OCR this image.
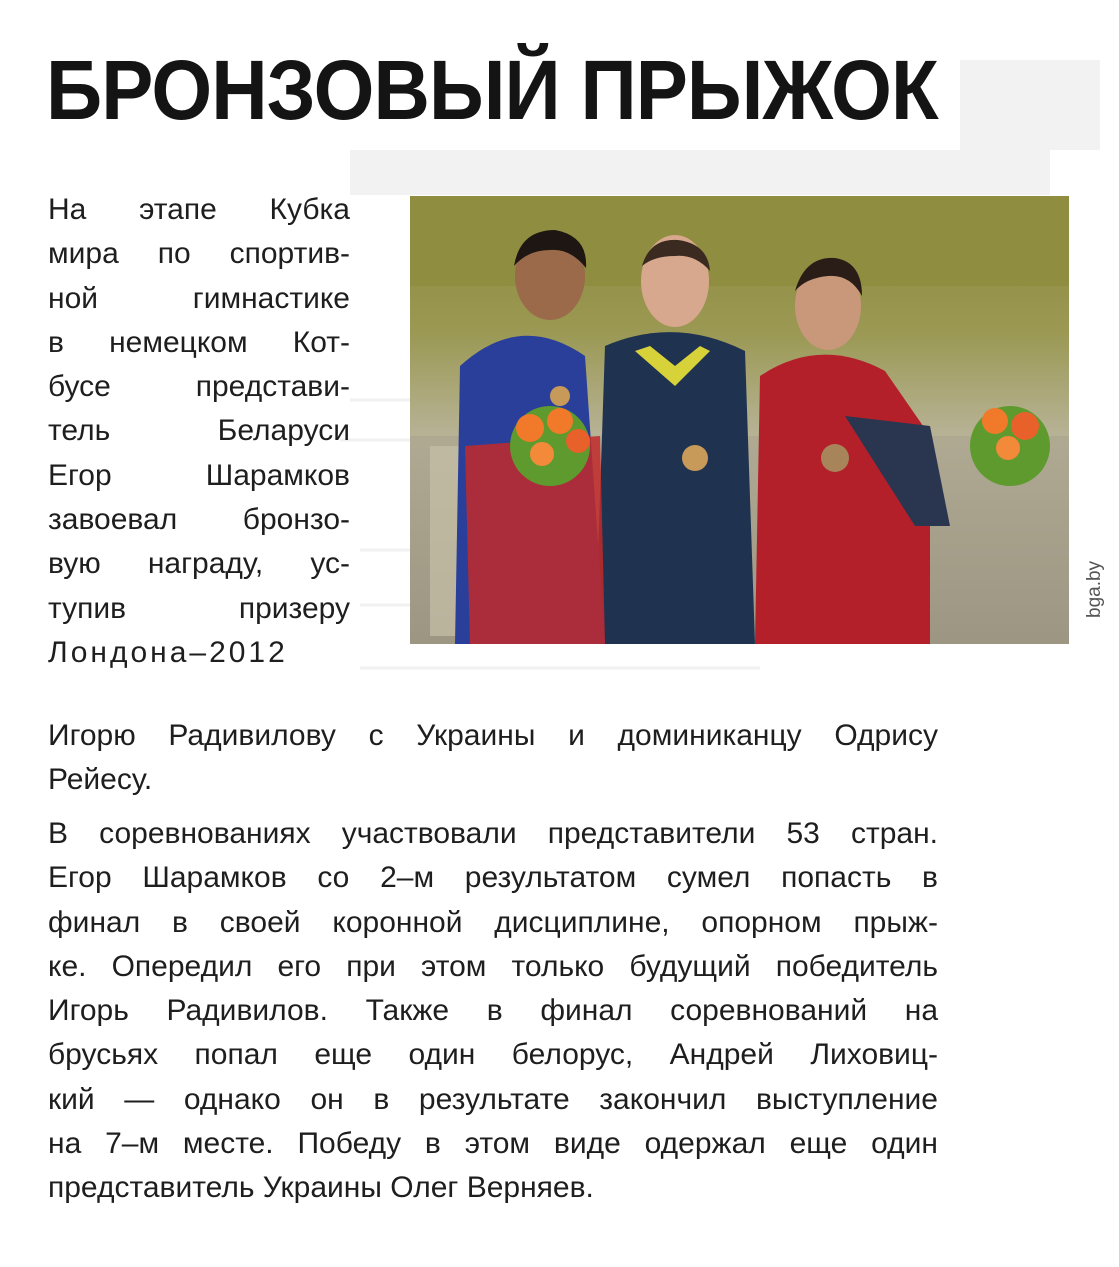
БРОНЗОВЫЙ ПРЫЖОК
На этапе Кубка
мира по спортив-
ной гимнастике
в немецком Кот-
бусе представи-
тель Беларуси
Егор Шарамков
завоевал бронзо-
вую награду, ус-
тупив призеру
Лондона–2012
bga.by
Игорю Радивилову с Украины и доминиканцу Одрису
Рейесу.
В соревнованиях участвовали представители 53 стран.
Егор Шарамков со 2–м результатом сумел попасть в
финал в своей коронной дисциплине, опорном прыж-
ке. Опередил его при этом только будущий победитель
Игорь Радивилов. Также в финал соревнований на
брусьях попал еще один белорус, Андрей Лиховиц-
кий — однако он в результате закончил выступление
на 7–м месте. Победу в этом виде одержал еще один
представитель Украины Олег Верняев.
